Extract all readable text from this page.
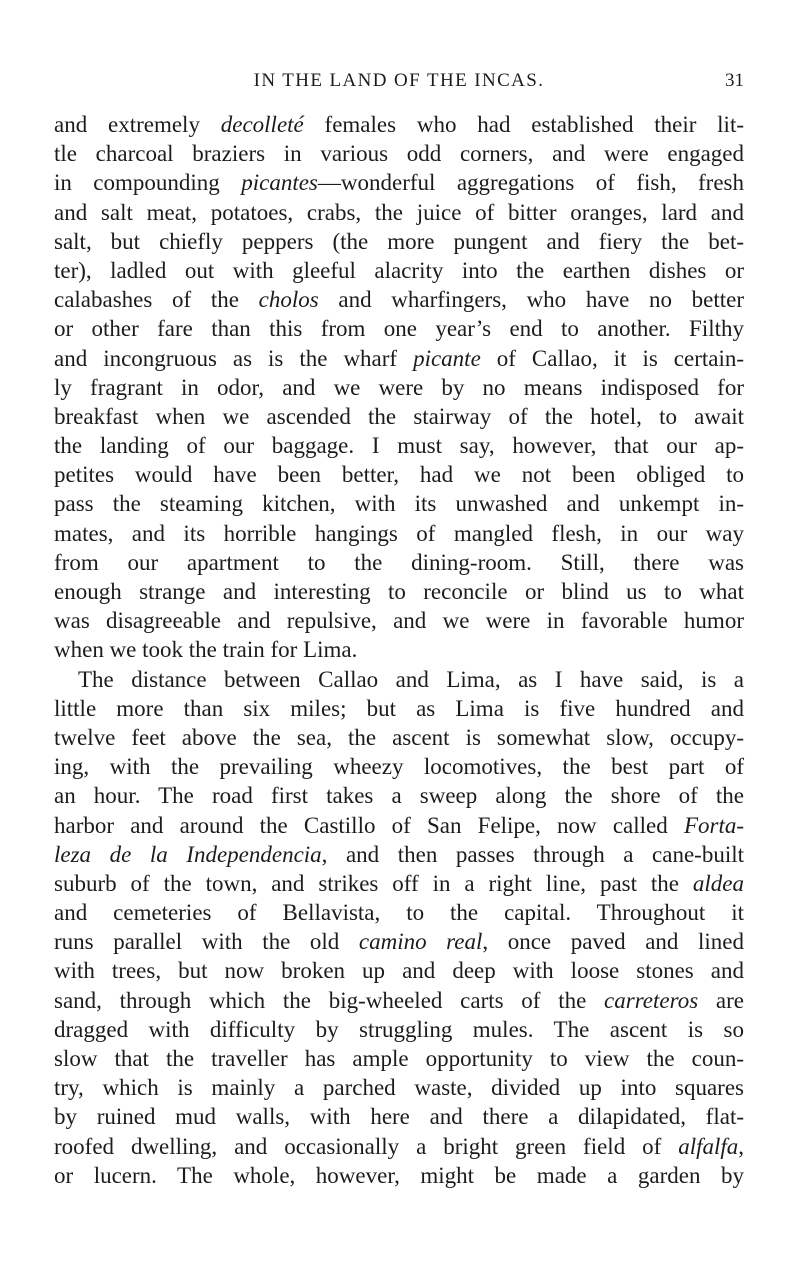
IN THE LAND OF THE INCAS.	31
and extremely decolleté females who had established their lit-
tle charcoal braziers in various odd corners, and were engaged
in compounding picantes—wonderful aggregations of fish, fresh
and salt meat, potatoes, crabs, the juice of bitter oranges, lard and
salt, but chiefly peppers (the more pungent and fiery the bet-
ter), ladled out with gleeful alacrity into the earthen dishes or
calabashes of the cholos and wharfingers, who have no better
or other fare than this from one year’s end to another. Filthy
and incongruous as is the wharf picante of Callao, it is certain-
ly fragrant in odor, and we were by no means indisposed for
breakfast when we ascended the stairway of the hotel, to await
the landing of our baggage. I must say, however, that our ap-
petites would have been better, had we not been obliged to
pass the steaming kitchen, with its unwashed and unkempt in-
mates, and its horrible hangings of mangled flesh, in our way
from our apartment to the dining-room. Still, there was
enough strange and interesting to reconcile or blind us to what
was disagreeable and repulsive, and we were in favorable humor
when we took the train for Lima.
The distance between Callao and Lima, as I have said, is a
little more than six miles; but as Lima is five hundred and
twelve feet above the sea, the ascent is somewhat slow, occupy-
ing, with the prevailing wheezy locomotives, the best part of
an hour. The road first takes a sweep along the shore of the
harbor and around the Castillo of San Felipe, now called Forta-
leza de la Independencia, and then passes through a cane-built
suburb of the town, and strikes off in a right line, past the aldea
and cemeteries of Bellavista, to the capital. Throughout it
runs parallel with the old camino real, once paved and lined
with trees, but now broken up and deep with loose stones and
sand, through which the big-wheeled carts of the carreteros are
dragged with difficulty by struggling mules. The ascent is so
slow that the traveller has ample opportunity to view the coun-
try, which is mainly a parched waste, divided up into squares
by ruined mud walls, with here and there a dilapidated, flat-
roofed dwelling, and occasionally a bright green field of alfalfa,
or lucern. The whole, however, might be made a garden by
